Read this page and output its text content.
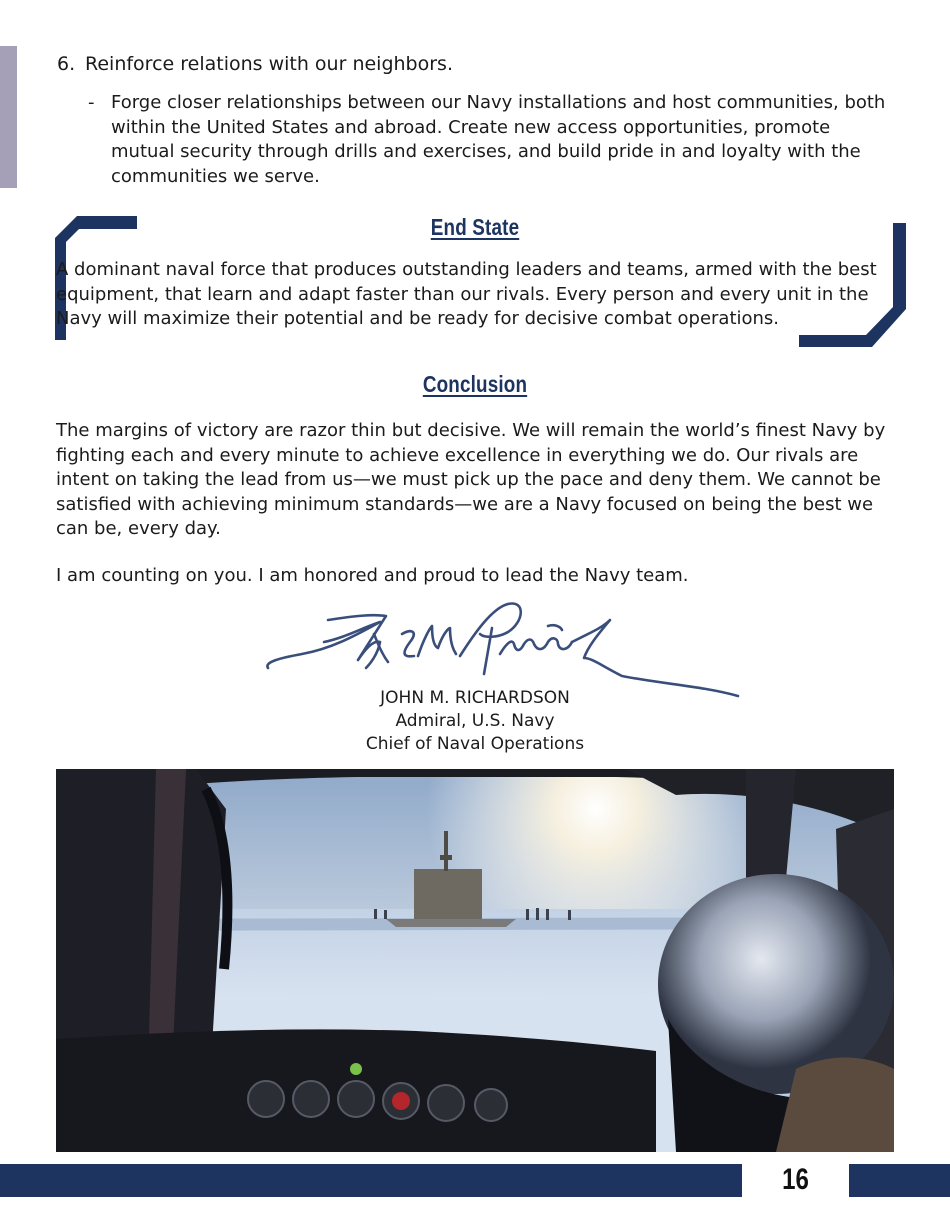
6. Reinforce relations with our neighbors.
- Forge closer relationships between our Navy installations and host communities, both within the United States and abroad. Create new access opportunities, promote mutual security through drills and exercises, and build pride in and loyalty with the communities we serve.
End State
A dominant naval force that produces outstanding leaders and teams, armed with the best equipment, that learn and adapt faster than our rivals. Every person and every unit in the Navy will maximize their potential and be ready for decisive combat operations.
Conclusion
The margins of victory are razor thin but decisive. We will remain the world’s finest Navy by fighting each and every minute to achieve excellence in everything we do. Our rivals are intent on taking the lead from us—we must pick up the pace and deny them. We cannot be satisfied with achieving minimum standards—we are a Navy focused on being the best we can be, every day.
I am counting on you. I am honored and proud to lead the Navy team.
JOHN M. RICHARDSON
Admiral, U.S. Navy
Chief of Naval Operations
16
